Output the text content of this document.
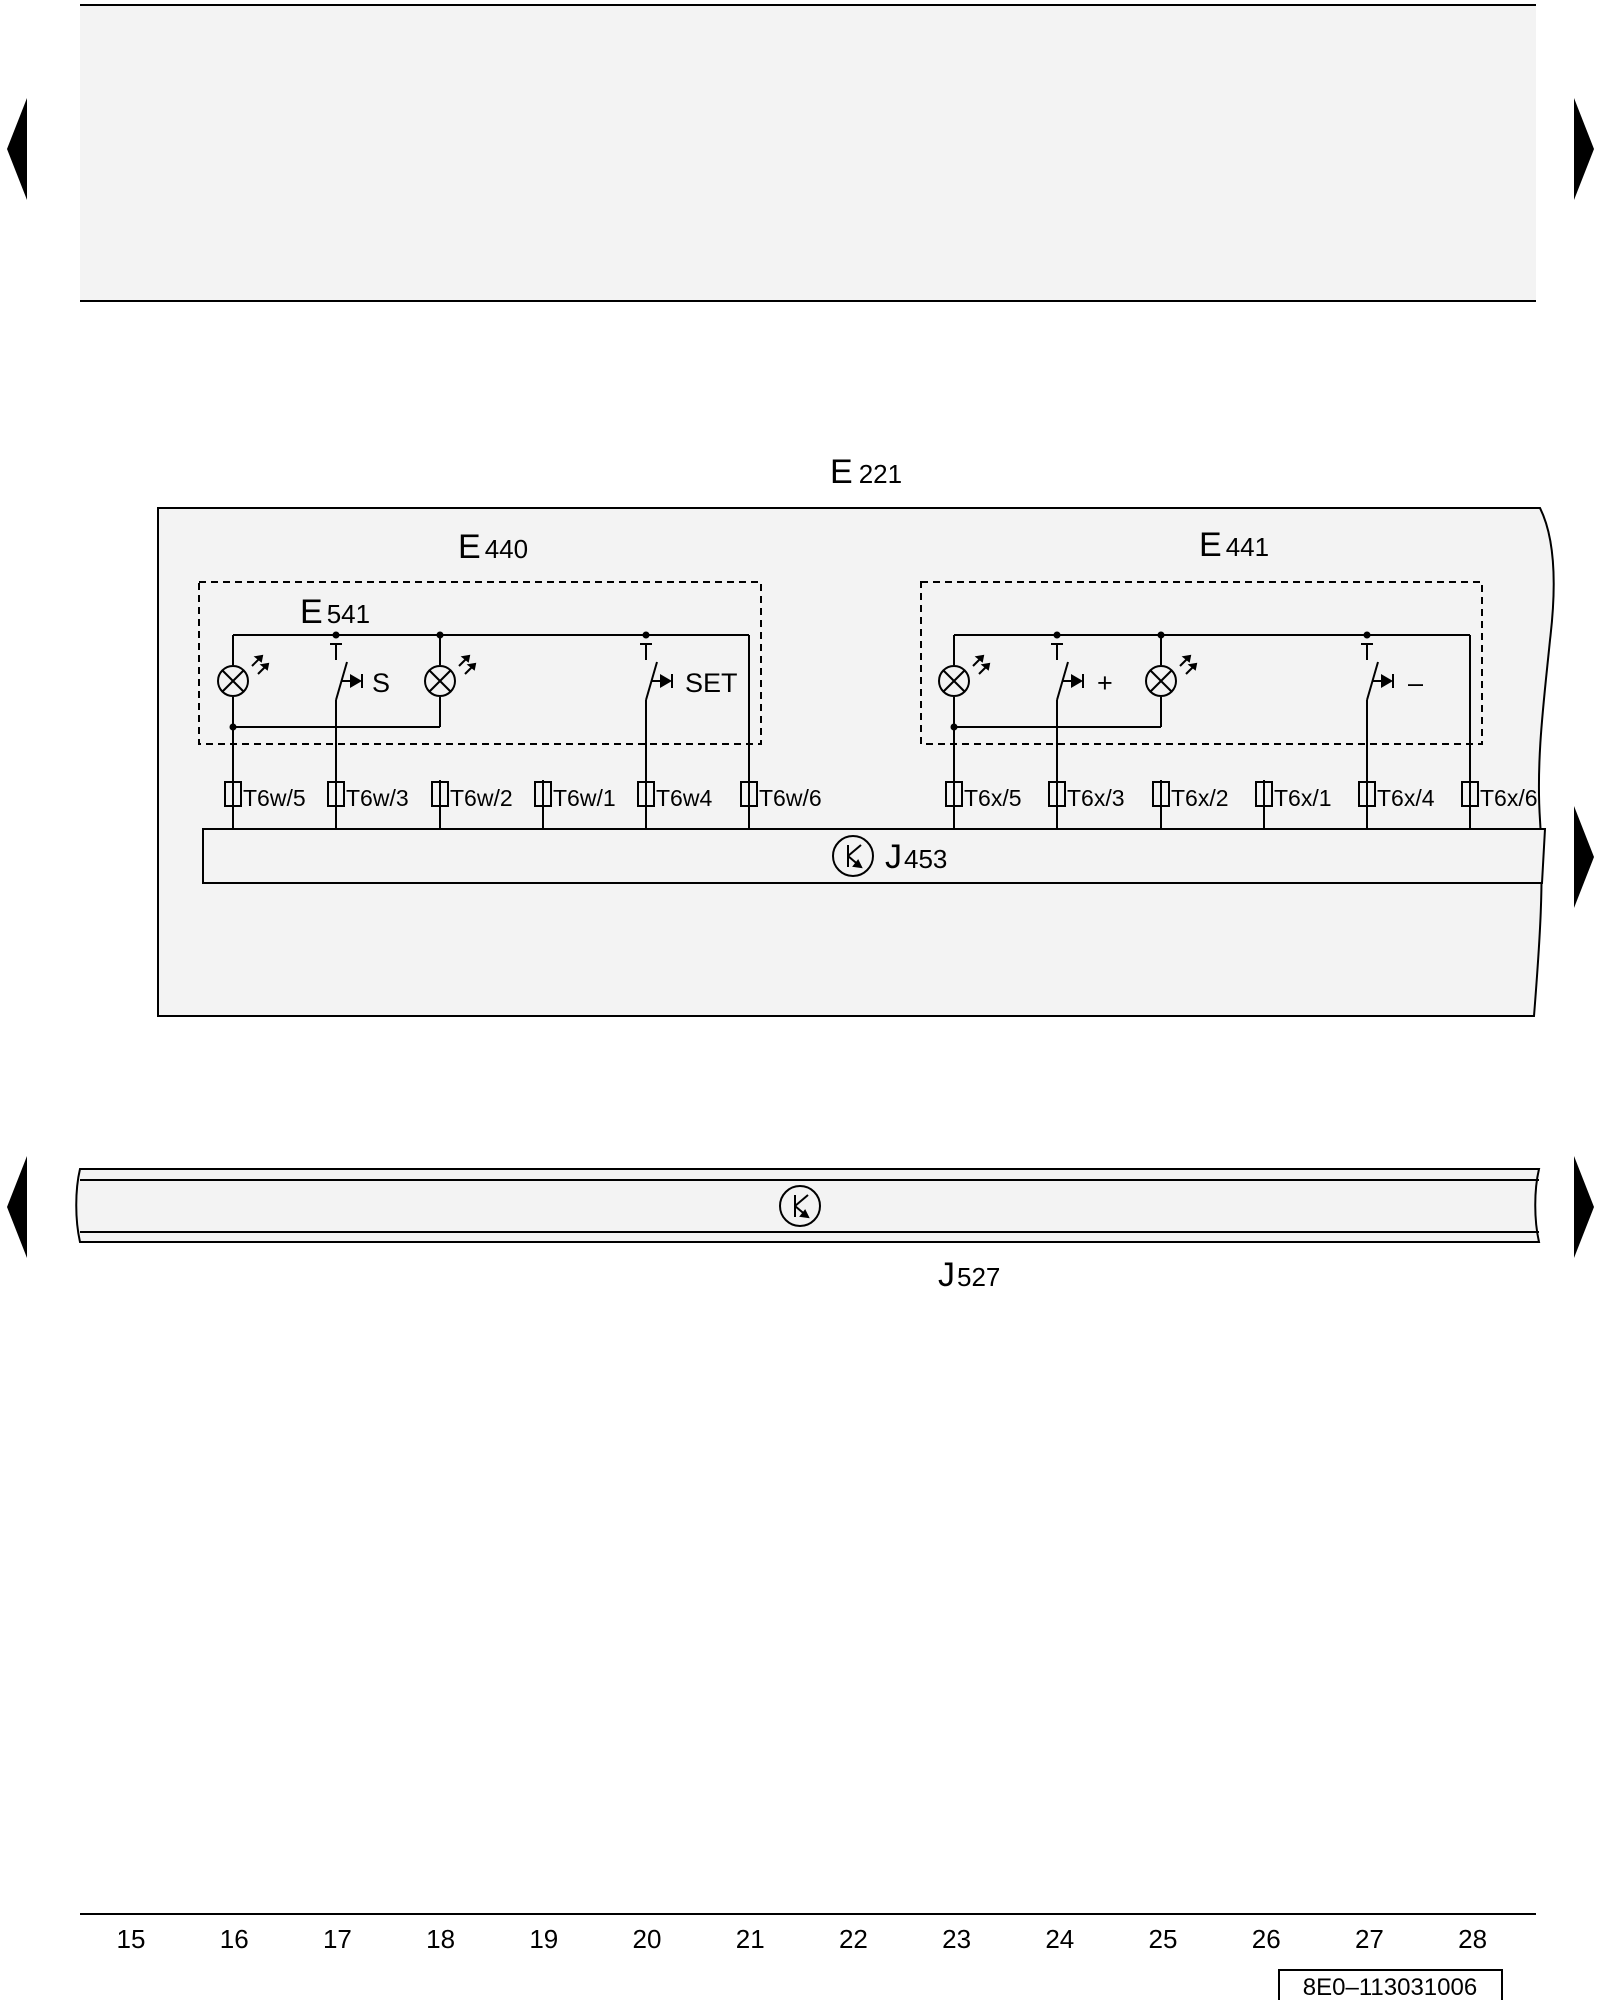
E 221
E 440	E 441
E 541
S	SET	+	–
T6w/5 T6w/3 T6w/2 T6w/1 T6w4 T6w/6	T6x/5 T6x/3 T6x/2 T6x/1 T6x/4 T6x/6
J453
J527
15	16	17	18	19	20	21	22	23	24	25	26	27	28
8E0–113031006
